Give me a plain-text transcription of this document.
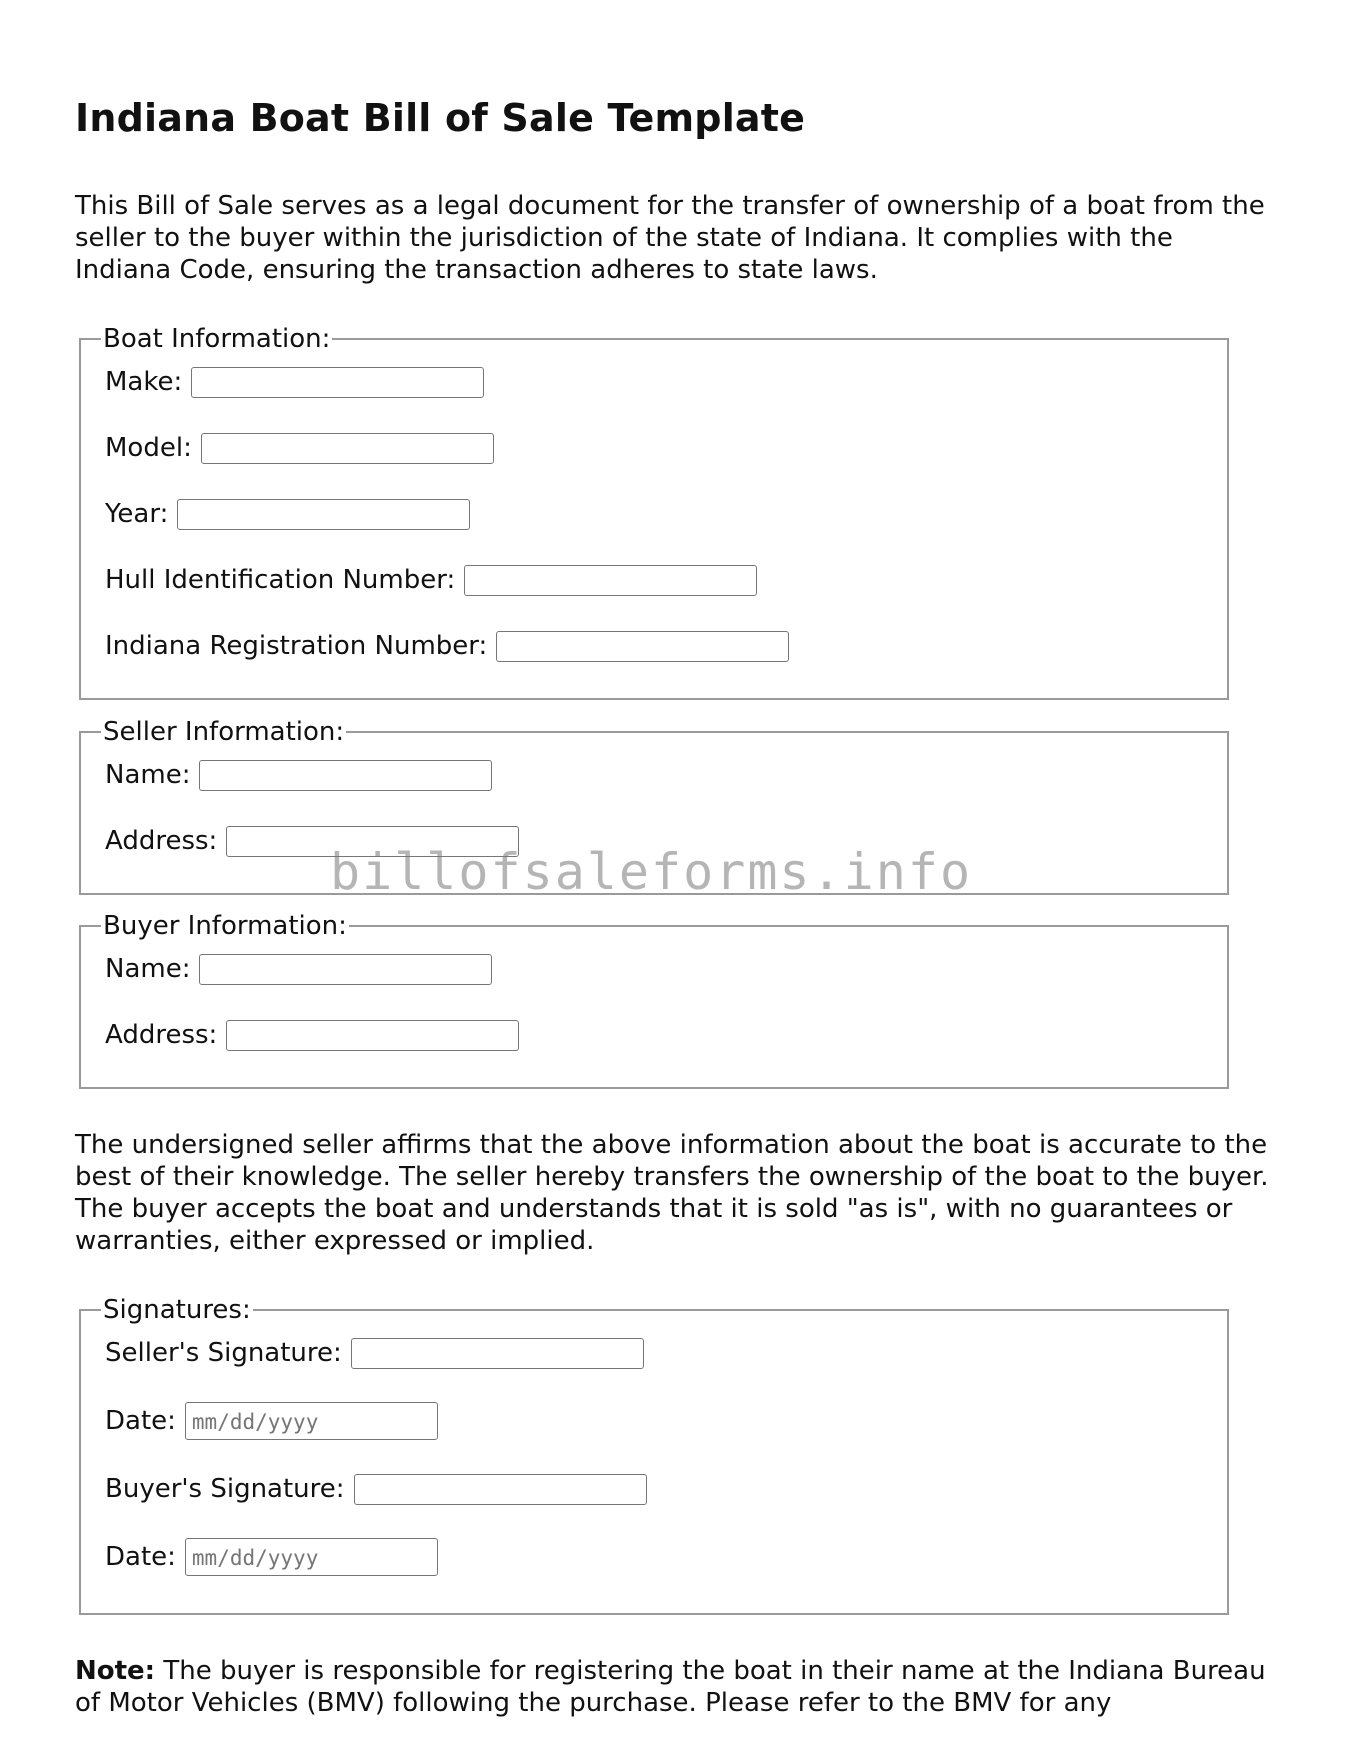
Indiana Boat Bill of Sale Template

This Bill of Sale serves as a legal document for the transfer of ownership of a boat from the seller to the buyer within the jurisdiction of the state of Indiana. It complies with the Indiana Code, ensuring the transaction adheres to state laws.

Boat Information:
Make:
Model:
Year:
Hull Identification Number:
Indiana Registration Number:
Seller Information:
Name:
Address:
Buyer Information:
Name:
Address:

The undersigned seller affirms that the above information about the boat is accurate to the best of their knowledge. The seller hereby transfers the ownership of the boat to the buyer. The buyer accepts the boat and understands that it is sold "as is", with no guarantees or warranties, either expressed or implied.

Signatures:
Seller's Signature:
Date:
mm/dd/yyyy
Buyer's Signature:
Date:
mm/dd/yyyy

Note: The buyer is responsible for registering the boat in their name at the Indiana Bureau of Motor Vehicles (BMV) following the purchase. Please refer to the BMV for any

billofsaleforms.info
